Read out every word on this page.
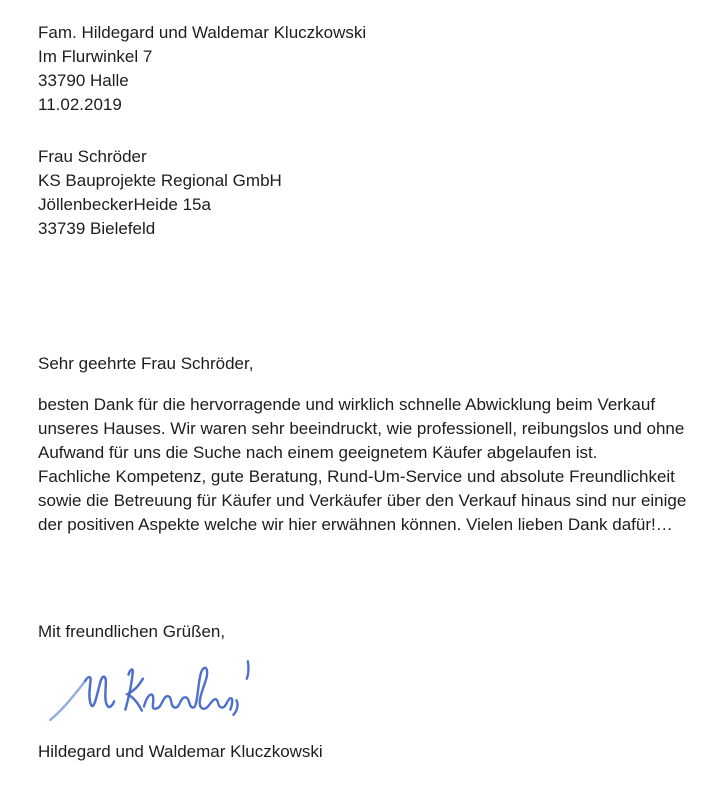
Fam. Hildegard und Waldemar Kluczkowski
Im Flurwinkel 7
33790 Halle
11.02.2019
Frau Schröder
KS Bauprojekte Regional GmbH
JöllenbeckerHeide 15a
33739 Bielefeld
Sehr geehrte Frau Schröder,
besten Dank für die hervorragende und wirklich schnelle Abwicklung beim Verkauf
unseres Hauses. Wir waren sehr beeindruckt, wie professionell, reibungslos und ohne
Aufwand für uns die Suche nach einem geeignetem Käufer abgelaufen ist.
Fachliche Kompetenz, gute Beratung, Rund-Um-Service und absolute Freundlichkeit
sowie die Betreuung für Käufer und Verkäufer über den Verkauf hinaus sind nur einige
der positiven Aspekte welche wir hier erwähnen können. Vielen lieben Dank dafür!…
Mit freundlichen Grüßen,
Hildegard und Waldemar Kluczkowski
